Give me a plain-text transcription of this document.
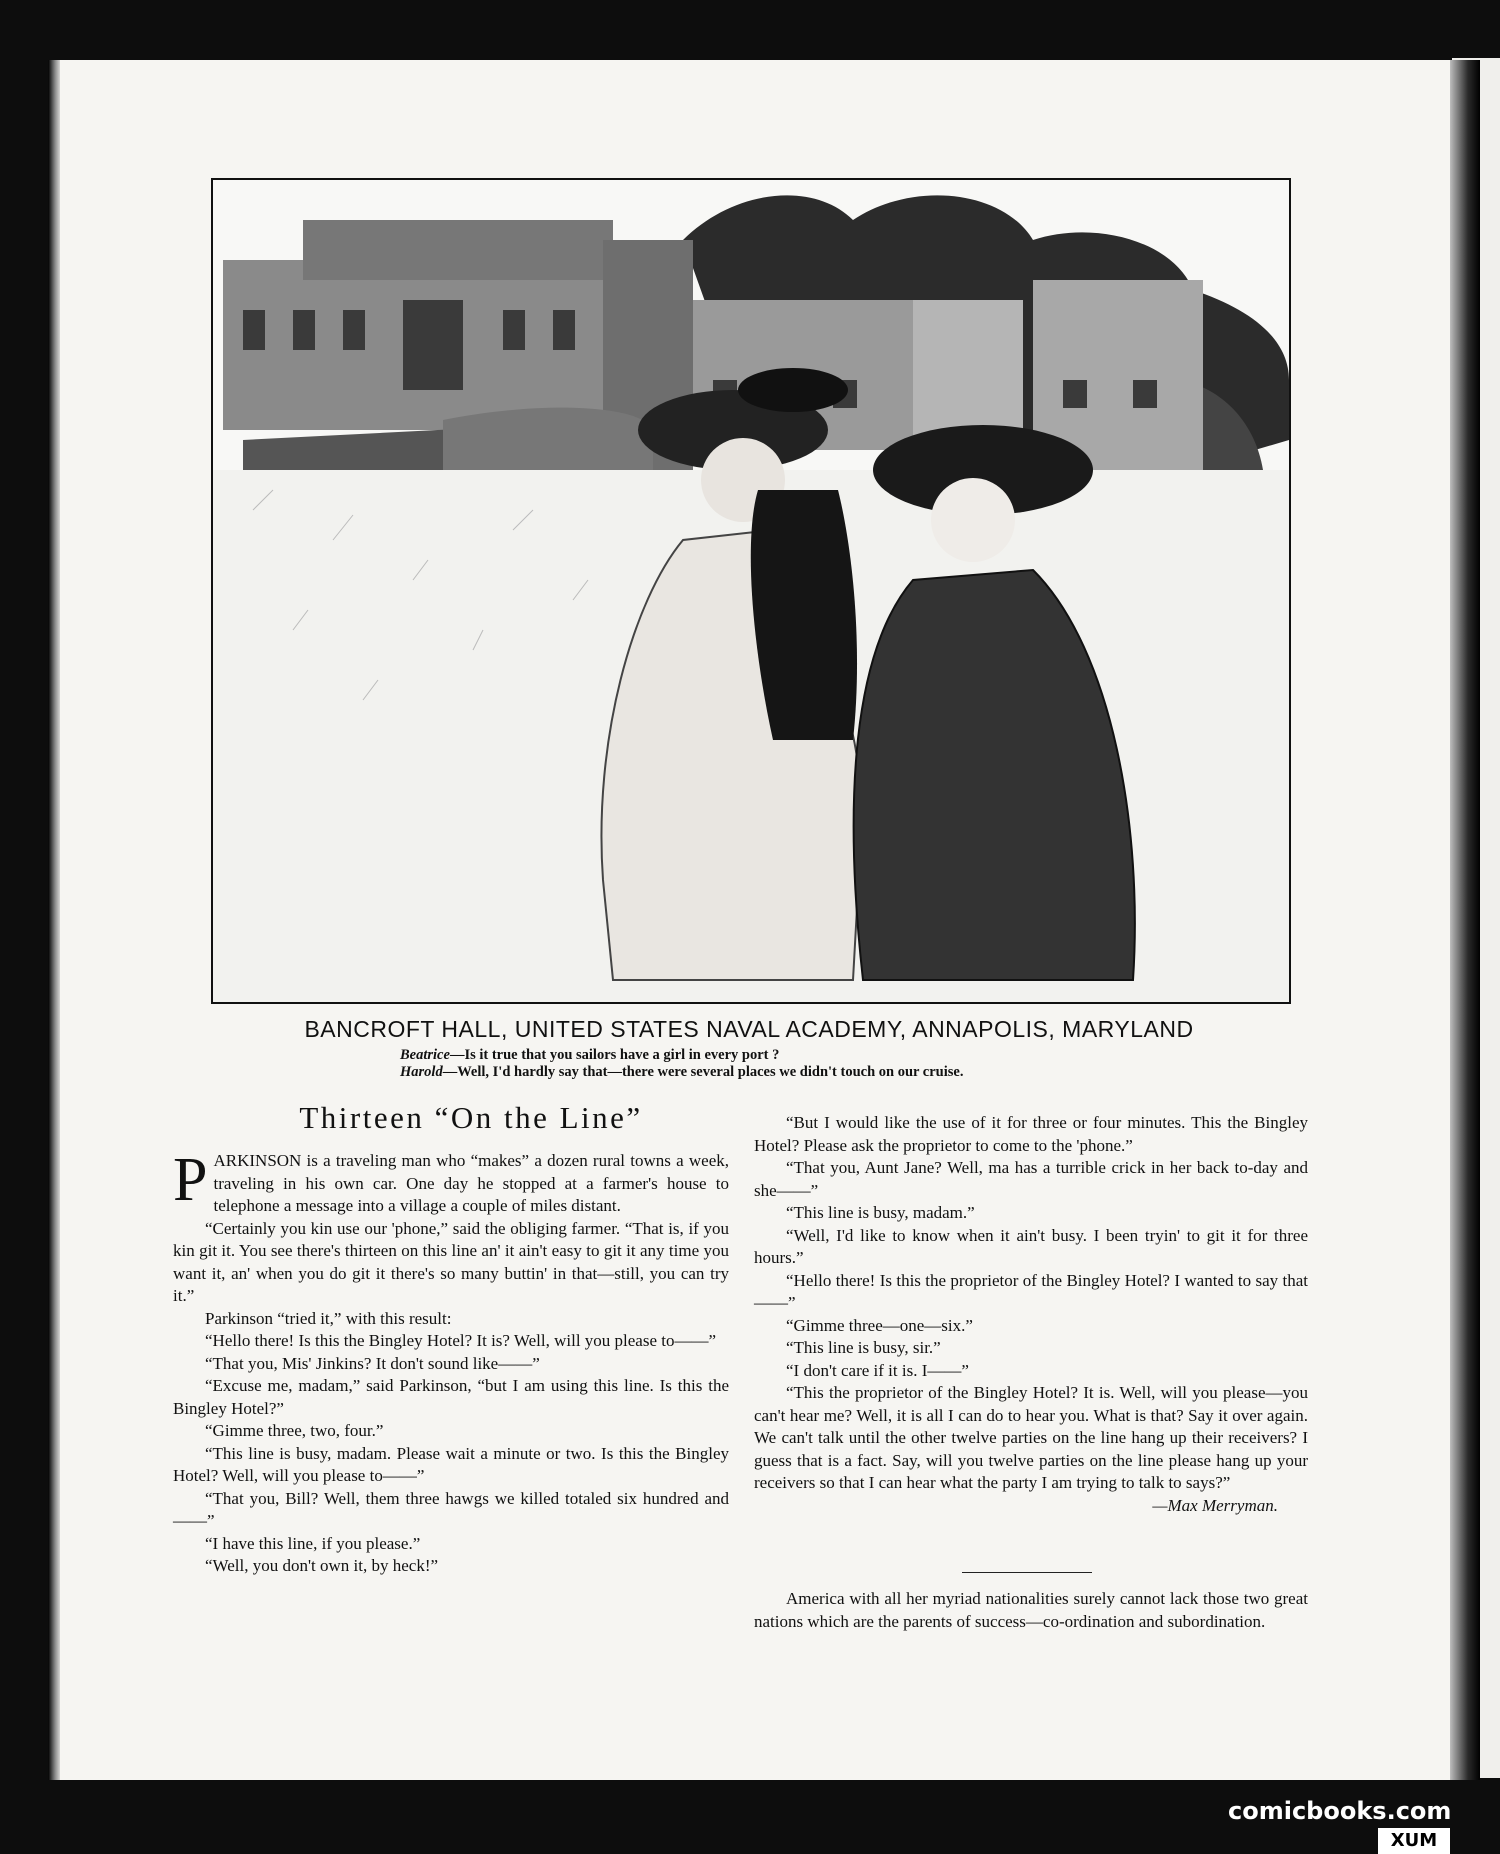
BANCROFT HALL, UNITED STATES NAVAL ACADEMY, ANNAPOLIS, MARYLAND
Beatrice—Is it true that you sailors have a girl in every port ?
Harold—Well, I'd hardly say that—there were several places we didn't touch on our cruise.
Thirteen “On the Line”

PARKINSON is a traveling man who “makes” a dozen rural towns a week, traveling in his own car. One day he stopped at a farmer's house to telephone a message into a village a couple of miles distant.

“Certainly you kin use our 'phone,” said the obliging farmer. “That is, if you kin git it. You see there's thirteen on this line an' it ain't easy to git it any time you want it, an' when you do git it there's so many buttin' in that—still, you can try it.”

Parkinson “tried it,” with this result:

“Hello there! Is this the Bingley Hotel? It is? Well, will you please to——”

“That you, Mis' Jinkins? It don't sound like——”

“Excuse me, madam,” said Parkinson, “but I am using this line. Is this the Bingley Hotel?”

“Gimme three, two, four.”

“This line is busy, madam. Please wait a minute or two. Is this the Bingley Hotel? Well, will you please to——”

“That you, Bill? Well, them three hawgs we killed totaled six hundred and——”

“I have this line, if you please.”

“Well, you don't own it, by heck!”

“But I would like the use of it for three or four minutes. This the Bingley Hotel? Please ask the proprietor to come to the 'phone.”

“That you, Aunt Jane? Well, ma has a turrible crick in her back to-day and she——”

“This line is busy, madam.”

“Well, I'd like to know when it ain't busy. I been tryin' to git it for three hours.”

“Hello there! Is this the proprietor of the Bingley Hotel? I wanted to say that——”

“Gimme three—one—six.”

“This line is busy, sir.”

“I don't care if it is. I——”

“This the proprietor of the Bingley Hotel? It is. Well, will you please—you can't hear me? Well, it is all I can do to hear you. What is that? Say it over again. We can't talk until the other twelve parties on the line hang up their receivers? I guess that is a fact. Say, will you twelve parties on the line please hang up your receivers so that I can hear what the party I am trying to talk to says?”
—Max Merryman.

America with all her myriad nationalities surely cannot lack those two great nations which are the parents of success—co-ordination and subordination.

comicbooks.com
XUM
